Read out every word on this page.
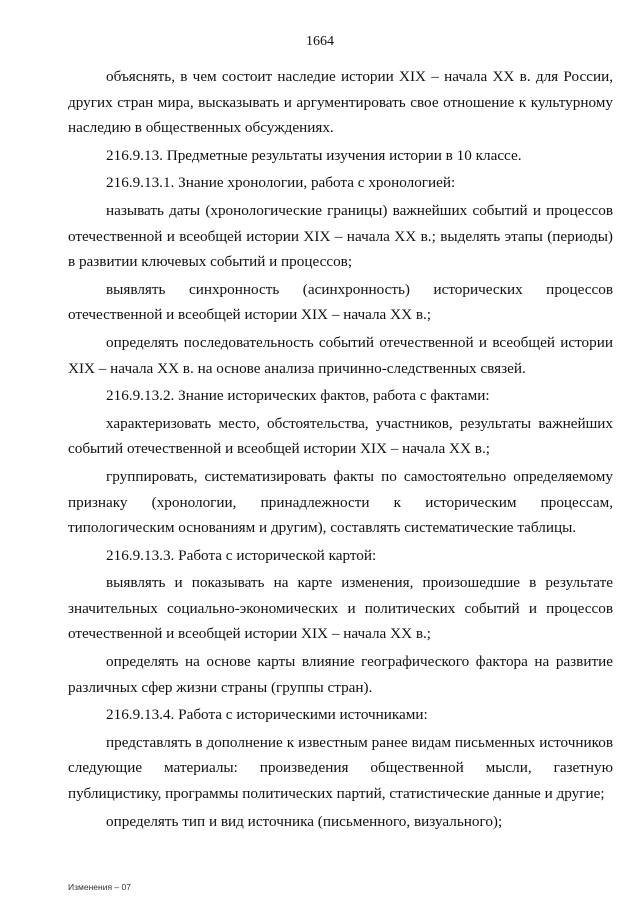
1664

объяснять, в чем состоит наследие истории XIX – начала XX в. для России, других стран мира, высказывать и аргументировать свое отношение к культурному наследию в общественных обсуждениях.

216.9.13. Предметные результаты изучения истории в 10 классе.

216.9.13.1. Знание хронологии, работа с хронологией:

называть даты (хронологические границы) важнейших событий и процессов отечественной и всеобщей истории XIX – начала XX в.; выделять этапы (периоды) в развитии ключевых событий и процессов;

выявлять синхронность (асинхронность) исторических процессов отечественной и всеобщей истории XIX – начала XX в.;

определять последовательность событий отечественной и всеобщей истории XIX – начала XX в. на основе анализа причинно-следственных связей.

216.9.13.2. Знание исторических фактов, работа с фактами:

характеризовать место, обстоятельства, участников, результаты важнейших событий отечественной и всеобщей истории XIX – начала XX в.;

группировать, систематизировать факты по самостоятельно определяемому признаку (хронологии, принадлежности к историческим процессам, типологическим основаниям и другим), составлять систематические таблицы.

216.9.13.3. Работа с исторической картой:

выявлять и показывать на карте изменения, произошедшие в результате значительных социально-экономических и политических событий и процессов отечественной и всеобщей истории XIX – начала XX в.;

определять на основе карты влияние географического фактора на развитие различных сфер жизни страны (группы стран).

216.9.13.4. Работа с историческими источниками:

представлять в дополнение к известным ранее видам письменных источников следующие материалы: произведения общественной мысли, газетную публицистику, программы политических партий, статистические данные и другие;

определять тип и вид источника (письменного, визуального);

Изменения – 07
